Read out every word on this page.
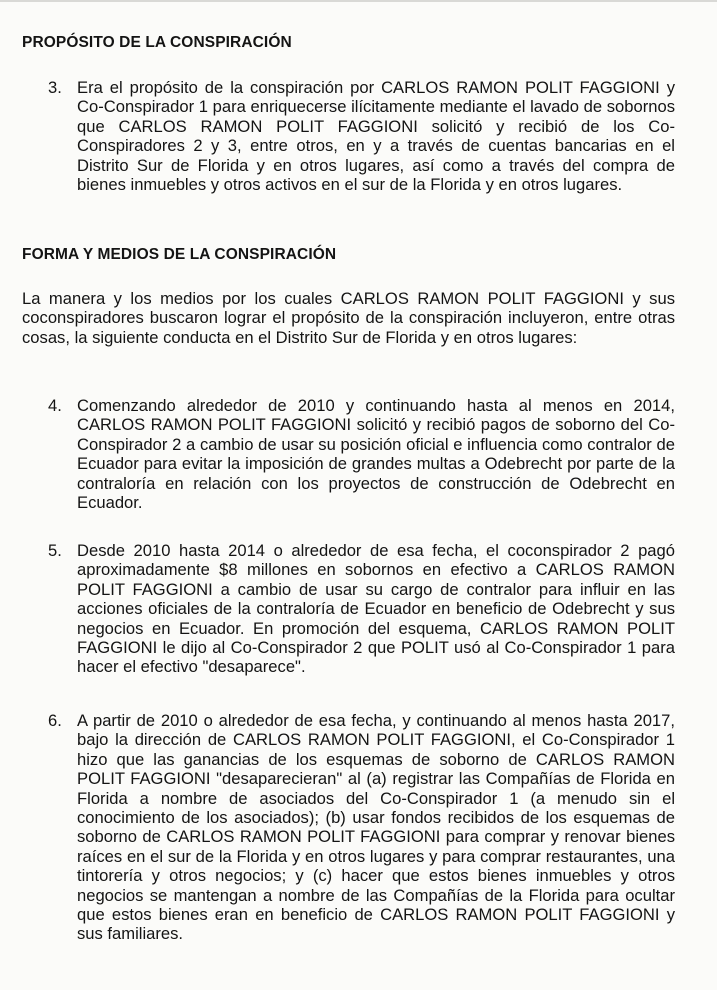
PROPÓSITO DE LA CONSPIRACIÓN
3. Era el propósito de la conspiración por CARLOS RAMON POLIT FAGGIONI y Co-Conspirador 1 para enriquecerse ilícitamente mediante el lavado de sobornos que CARLOS RAMON POLIT FAGGIONI solicitó y recibió de los Co-Conspiradores 2 y 3, entre otros, en y a través de cuentas bancarias en el Distrito Sur de Florida y en otros lugares, así como a través del compra de bienes inmuebles y otros activos en el sur de la Florida y en otros lugares.

FORMA Y MEDIOS DE LA CONSPIRACIÓN

La manera y los medios por los cuales CARLOS RAMON POLIT FAGGIONI y sus coconspiradores buscaron lograr el propósito de la conspiración incluyeron, entre otras cosas, la siguiente conducta en el Distrito Sur de Florida y en otros lugares:

4. Comenzando alrededor de 2010 y continuando hasta al menos en 2014, CARLOS RAMON POLIT FAGGIONI solicitó y recibió pagos de soborno del Co-Conspirador 2 a cambio de usar su posición oficial e influencia como contralor de Ecuador para evitar la imposición de grandes multas a Odebrecht por parte de la contraloría en relación con los proyectos de construcción de Odebrecht en Ecuador.

5. Desde 2010 hasta 2014 o alrededor de esa fecha, el coconspirador 2 pagó aproximadamente $8 millones en sobornos en efectivo a CARLOS RAMON POLIT FAGGIONI a cambio de usar su cargo de contralor para influir en las acciones oficiales de la contraloría de Ecuador en beneficio de Odebrecht y sus negocios en Ecuador. En promoción del esquema, CARLOS RAMON POLIT FAGGIONI le dijo al Co-Conspirador 2 que POLIT usó al Co-Conspirador 1 para hacer el efectivo "desaparece".

6. A partir de 2010 o alrededor de esa fecha, y continuando al menos hasta 2017, bajo la dirección de CARLOS RAMON POLIT FAGGIONI, el Co-Conspirador 1 hizo que las ganancias de los esquemas de soborno de CARLOS RAMON POLIT FAGGIONI "desaparecieran" al (a) registrar las Compañías de Florida en Florida a nombre de asociados del Co-Conspirador 1 (a menudo sin el conocimiento de los asociados); (b) usar fondos recibidos de los esquemas de soborno de CARLOS RAMON POLIT FAGGIONI para comprar y renovar bienes raíces en el sur de la Florida y en otros lugares y para comprar restaurantes, una tintorería y otros negocios; y (c) hacer que estos bienes inmuebles y otros negocios se mantengan a nombre de las Compañías de la Florida para ocultar que estos bienes eran en beneficio de CARLOS RAMON POLIT FAGGIONI y sus familiares.
